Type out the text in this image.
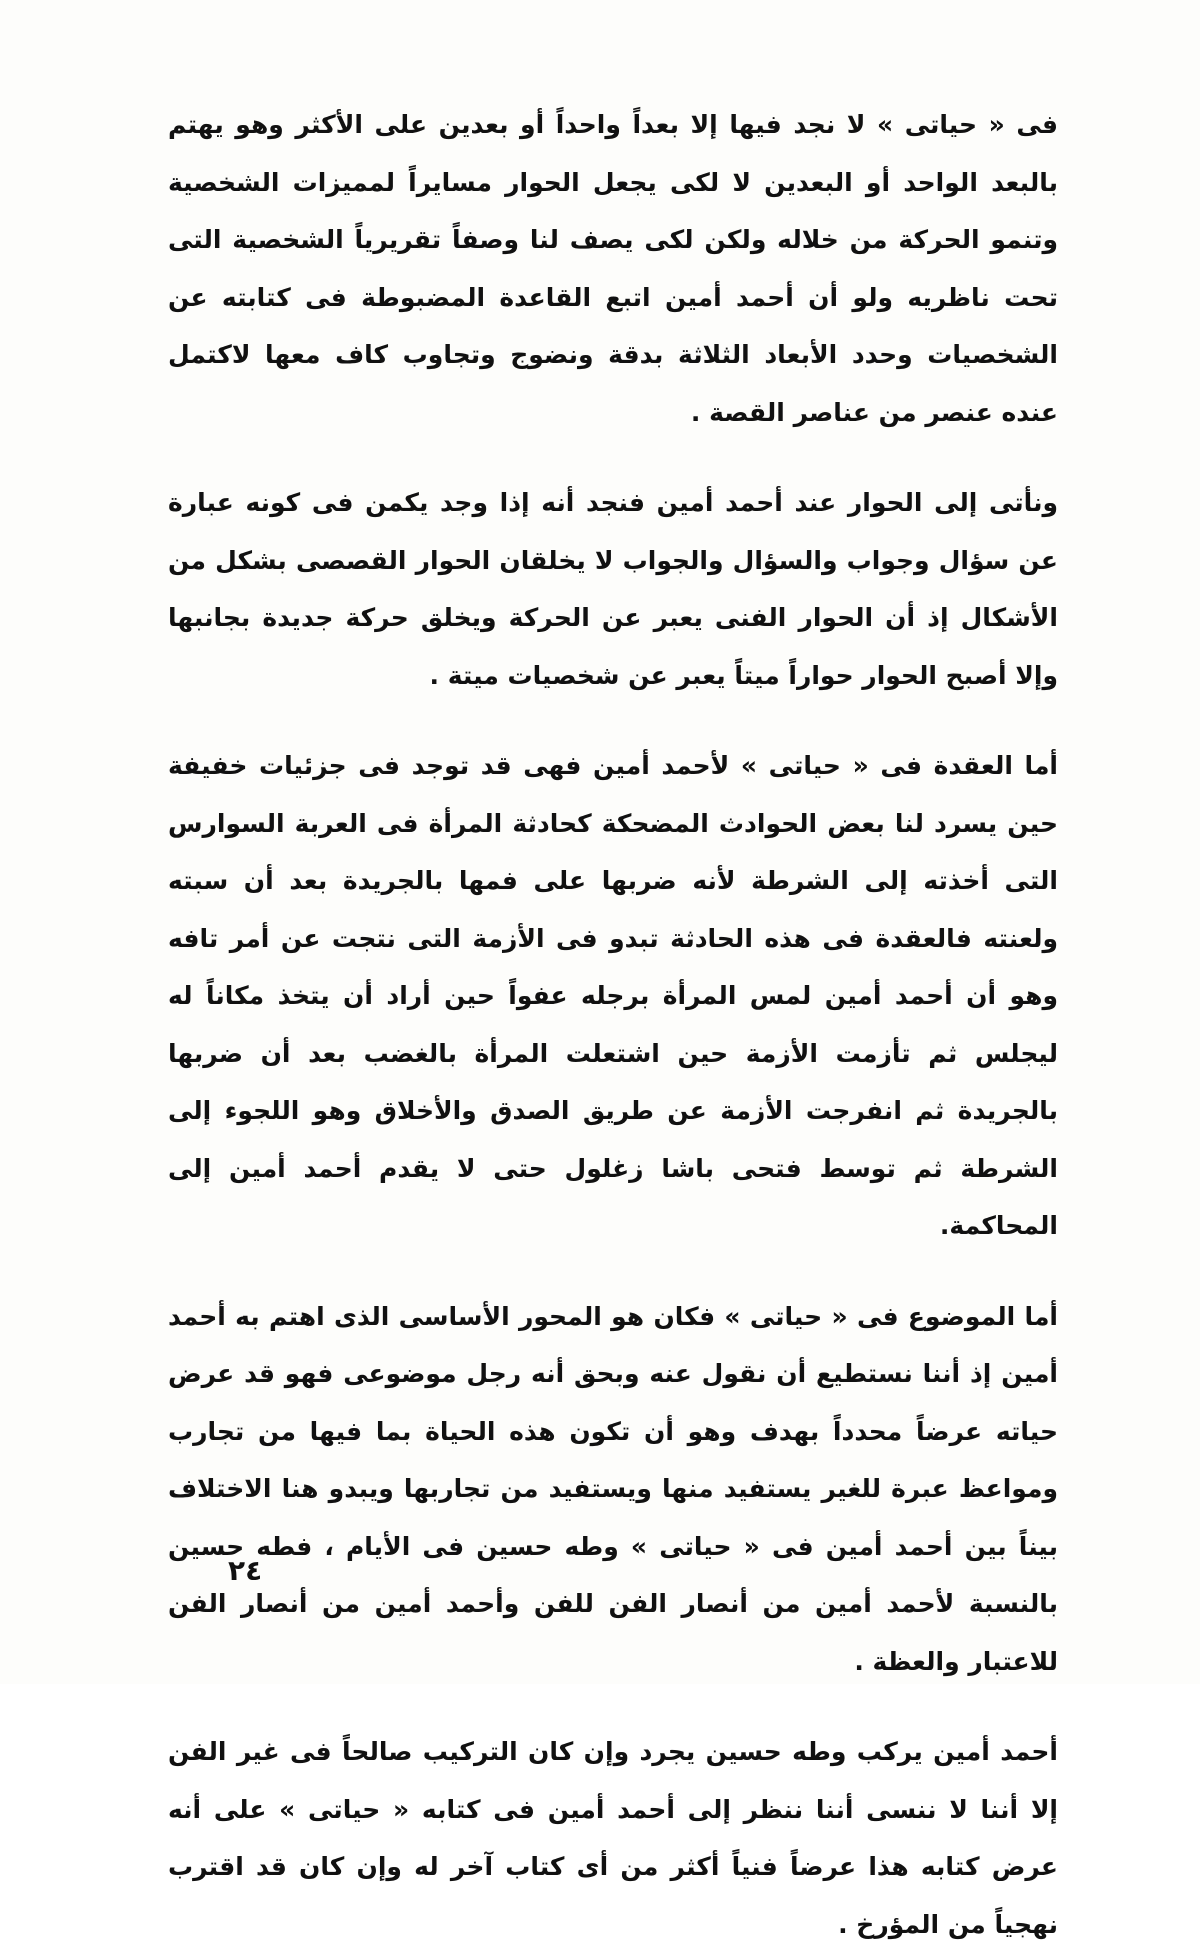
فى « حياتى » لا نجد فيها إلا بعداً واحداً أو بعدين على الأكثر وهو يهتم بالبعد الواحد أو البعدين لا لكى يجعل الحوار مسايراً لمميزات الشخصية وتنمو الحركة من خلاله ولكن لكى يصف لنا وصفاً تقريرياً الشخصية التى تحت ناظريه ولو أن أحمد أمين اتبع القاعدة المضبوطة فى كتابته عن الشخصيات وحدد الأبعاد الثلاثة بدقة ونضوج وتجاوب كاف معها لاكتمل عنده عنصر من عناصر القصة .

ونأتى إلى الحوار عند أحمد أمين فنجد أنه إذا وجد يكمن فى كونه عبارة عن سؤال وجواب والسؤال والجواب لا يخلقان الحوار القصصى بشكل من الأشكال إذ أن الحوار الفنى يعبر عن الحركة ويخلق حركة جديدة بجانبها وإلا أصبح الحوار حواراً ميتاً يعبر عن شخصيات ميتة .

أما العقدة فى « حياتى » لأحمد أمين فهى قد توجد فى جزئيات خفيفة حين يسرد لنا بعض الحوادث المضحكة كحادثة المرأة فى العربة السوارس التى أخذته إلى الشرطة لأنه ضربها على فمها بالجريدة بعد أن سبته ولعنته فالعقدة فى هذه الحادثة تبدو فى الأزمة التى نتجت عن أمر تافه وهو أن أحمد أمين لمس المرأة برجله عفواً حين أراد أن يتخذ مكاناً له ليجلس ثم تأزمت الأزمة حين اشتعلت المرأة بالغضب بعد أن ضربها بالجريدة ثم انفرجت الأزمة عن طريق الصدق والأخلاق وهو اللجوء إلى الشرطة ثم توسط فتحى باشا زغلول حتى لا يقدم أحمد أمين إلى المحاكمة.

أما الموضوع فى « حياتى » فكان هو المحور الأساسى الذى اهتم به أحمد أمين إذ أننا نستطيع أن نقول عنه وبحق أنه رجل موضوعى فهو قد عرض حياته عرضاً محدداً بهدف وهو أن تكون هذه الحياة بما فيها من تجارب ومواعظ عبرة للغير يستفيد منها ويستفيد من تجاربها ويبدو هنا الاختلاف بيناً بين أحمد أمين فى « حياتى » وطه حسين فى الأيام ، فطه حسين بالنسبة لأحمد أمين من أنصار الفن للفن وأحمد أمين من أنصار الفن للاعتبار والعظة .

أحمد أمين يركب وطه حسين يجرد وإن كان التركيب صالحاً فى غير الفن إلا أننا لا ننسى أننا ننظر إلى أحمد أمين فى كتابه « حياتى » على أنه عرض كتابه هذا عرضاً فنياً أكثر من أى كتاب آخر له وإن كان قد اقترب نهجياً من المؤرخ .

٢٤
